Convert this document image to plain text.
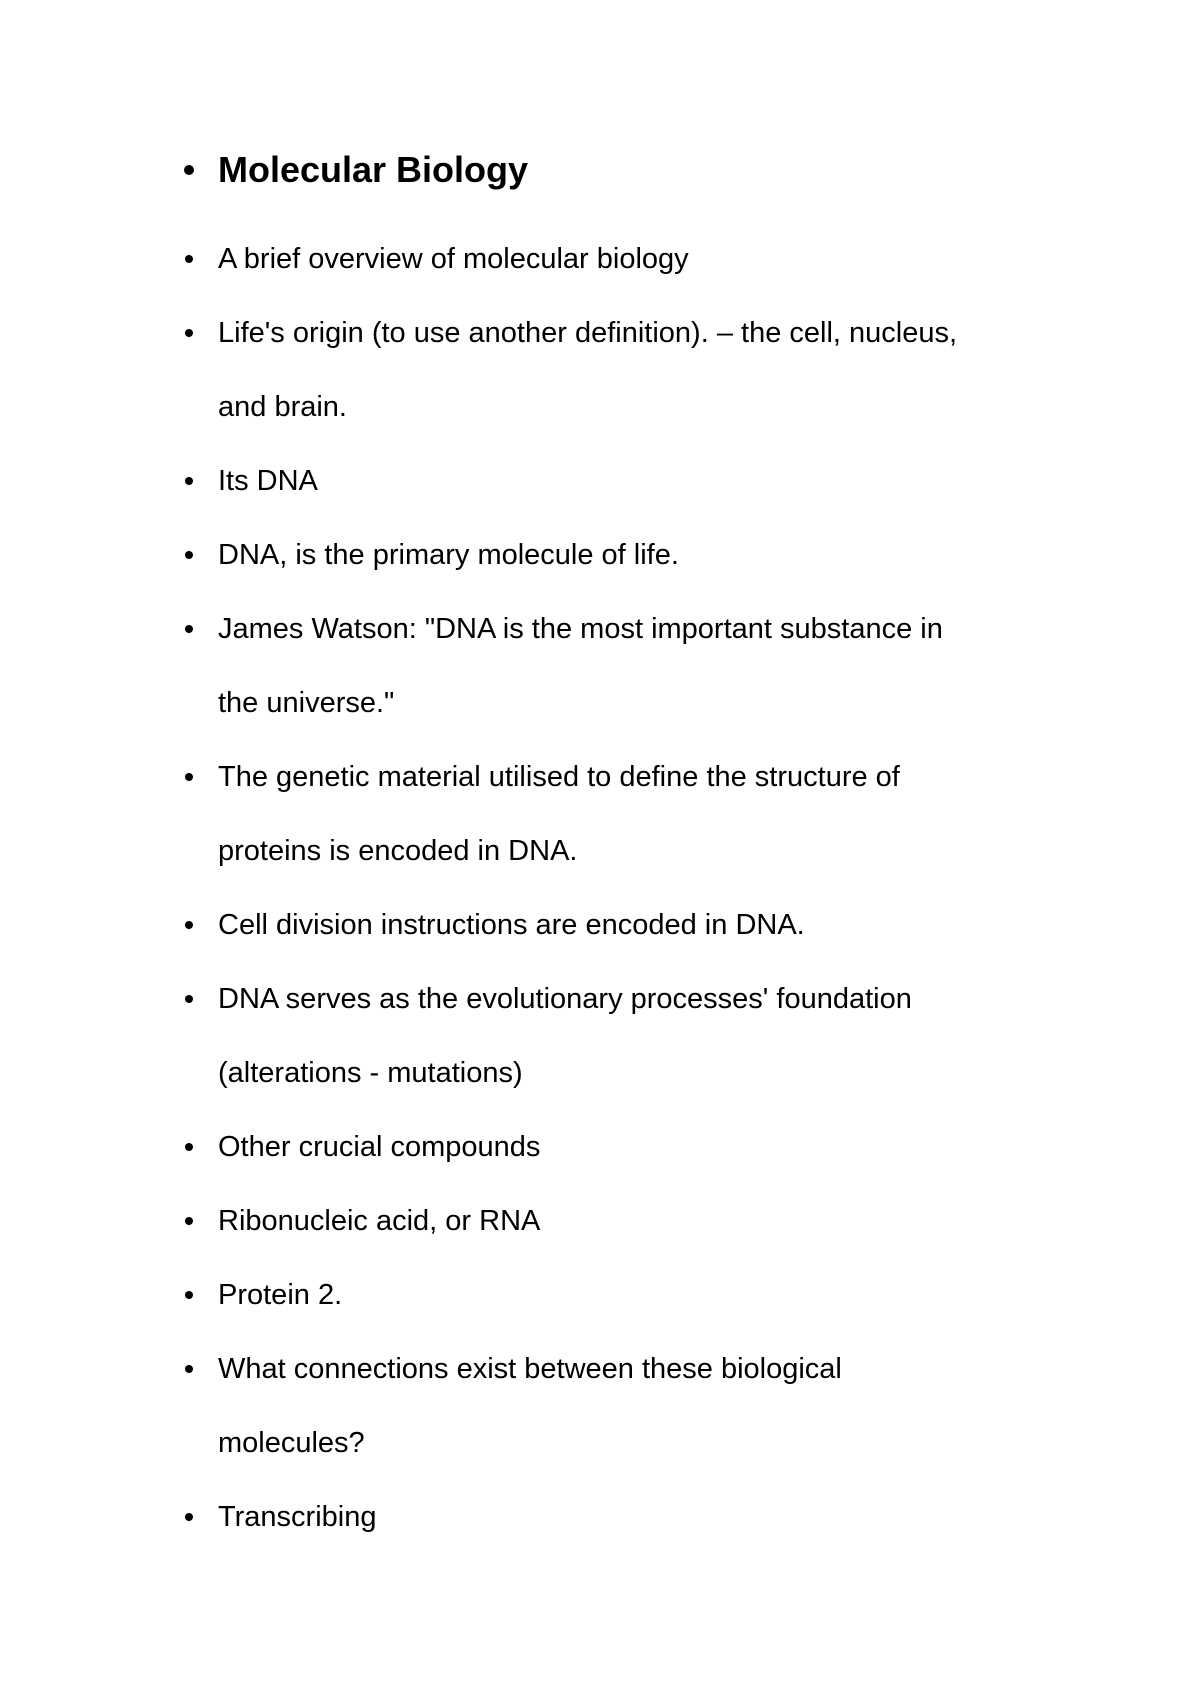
Molecular Biology
A brief overview of molecular biology
Life's origin (to use another definition). – the cell, nucleus,
and brain.
Its DNA
DNA, is the primary molecule of life.
James Watson: "DNA is the most important substance in
the universe."
The genetic material utilised to define the structure of
proteins is encoded in DNA.
Cell division instructions are encoded in DNA.
DNA serves as the evolutionary processes' foundation
(alterations - mutations)
Other crucial compounds
Ribonucleic acid, or RNA
Protein 2.
What connections exist between these biological
molecules?
Transcribing
